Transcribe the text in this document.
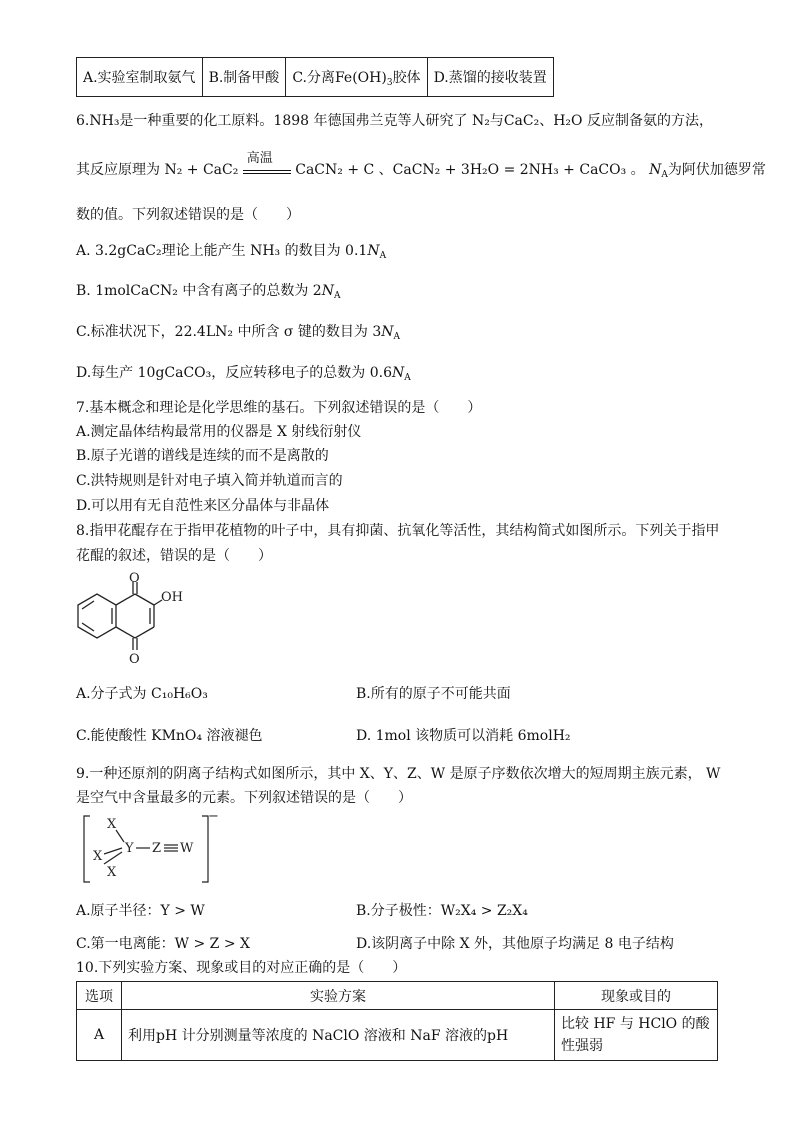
A.实验室制取氨气	B.制备甲酸	C.分离$Fe(OH)_3$胶体	D.蒸馏的接收装置
6.NH₃是一种重要的化工原料。1898 年德国弗兰克等人研究了 N₂与CaC₂、H₂O 反应制备氨的方法，
其反应原理为 N₂ + CaC₂
高温
CaCN₂ + C 、CaCN₂ + 3H₂O = 2NH₃ + CaCO₃ 。 $N_A$为阿伏加德罗常
数的值。下列叙述错误的是（　　）
A. 3.2gCaC₂理论上能产生 NH₃ 的数目为 $0.1N_A$
B. 1molCaCN₂ 中含有离子的总数为 $2N_A$
C.标准状况下，22.4LN₂ 中所含 σ 键的数目为 $3N_A$
D.每生产 10gCaCO₃，反应转移电子的总数为 $0.6N_A$
7.基本概念和理论是化学思维的基石。下列叙述错误的是（　　）
A.测定晶体结构最常用的仪器是 X 射线衍射仪
B.原子光谱的谱线是连续的而不是离散的
C.洪特规则是针对电子填入简并轨道而言的
D.可以用有无自范性来区分晶体与非晶体
8.指甲花醌存在于指甲花植物的叶子中，具有抑菌、抗氧化等活性，其结构简式如图所示。下列关于指甲
花醌的叙述，错误的是（　　）
O
OH
O
A.分子式为 C₁₀H₆O₃	B.所有的原子不可能共面
C.能使酸性 KMnO₄ 溶液褪色	D. 1mol 该物质可以消耗 6molH₂
9.一种还原剂的阴离子结构式如图所示，其中 X、Y、Z、W 是原子序数依次增大的短周期主族元素， W
是空气中含量最多的元素。下列叙述错误的是（　　）
X
X
X
Y Z W
−
A.原子半径：Y > W	B.分子极性：W₂X₄ > Z₂X₄
C.第一电离能：W > Z > X	D.该阴离子中除 X 外，其他原子均满足 8 电子结构
10.下列实验方案、现象或目的对应正确的是（　　）
选项	实验方案	现象或目的
A	利用pH 计分别测量等浓度的 NaClO 溶液和 NaF 溶液的pH	比较 HF 与 HClO 的酸性强弱
